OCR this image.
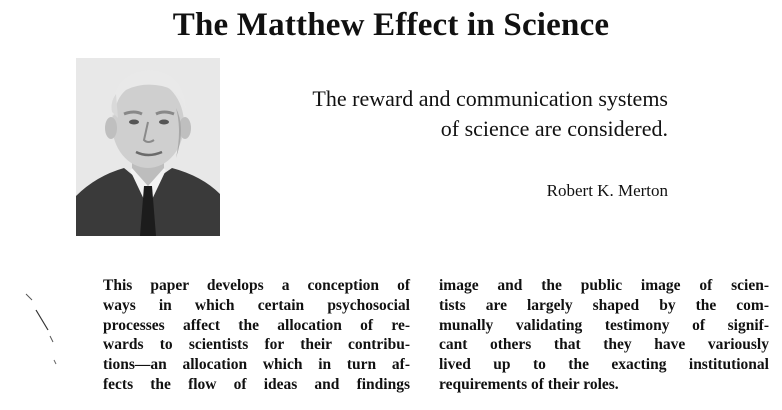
The Matthew Effect in Science
The reward and communication systems
of science are considered.
Robert K. Merton
This paper develops a conception of
ways in which certain psychosocial
processes affect the allocation of re-
wards to scientists for their contribu-
tions—an allocation which in turn af-
fects the flow of ideas and findings
image and the public image of scien-
tists are largely shaped by the com-
munally validating testimony of signif-
cant others that they have variously
lived up to the exacting institutional
requirements of their roles.
